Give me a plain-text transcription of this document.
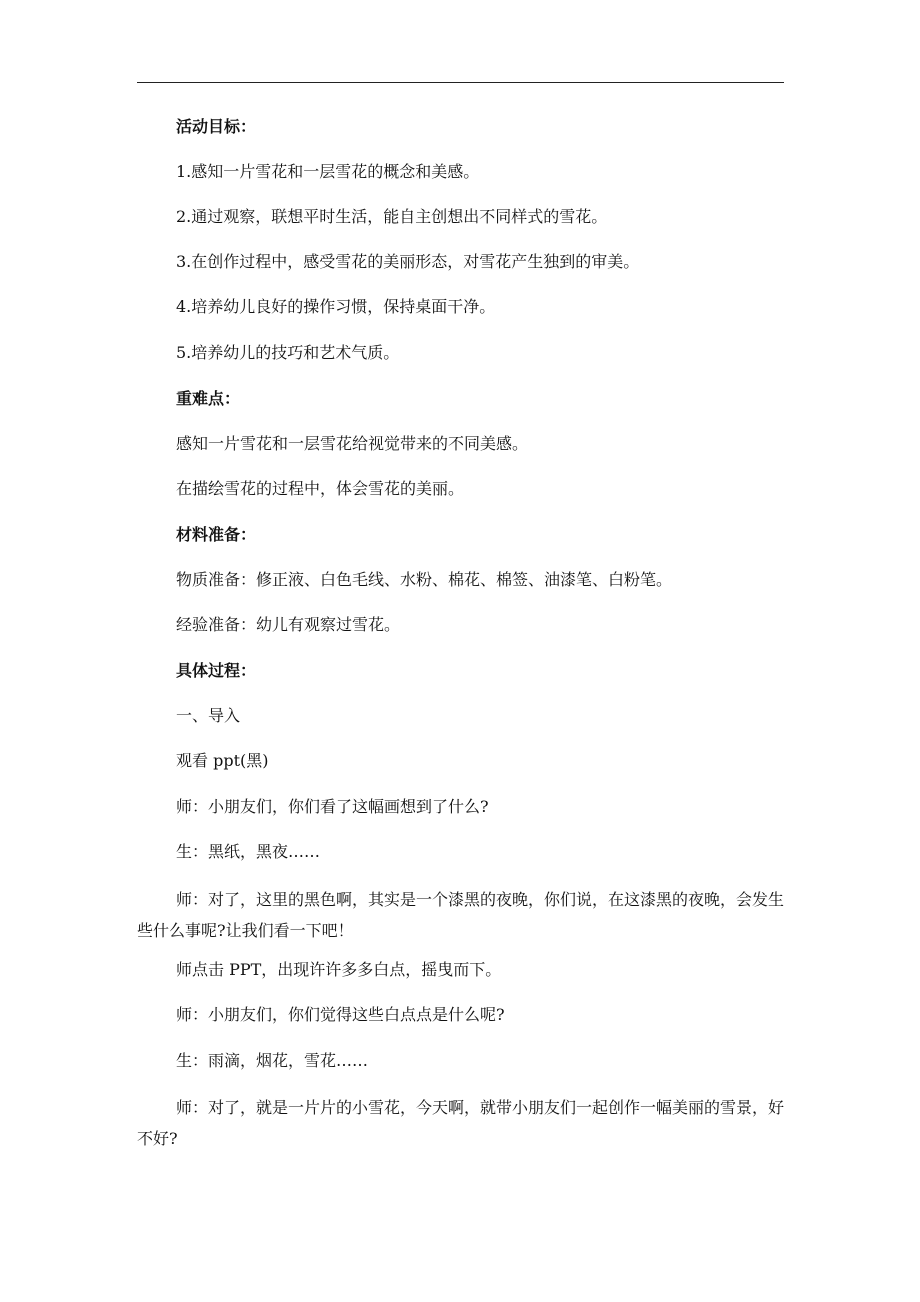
活动目标：

1.感知一片雪花和一层雪花的概念和美感。

2.通过观察，联想平时生活，能自主创想出不同样式的雪花。

3.在创作过程中，感受雪花的美丽形态，对雪花产生独到的审美。

4.培养幼儿良好的操作习惯，保持桌面干净。

5.培养幼儿的技巧和艺术气质。

重难点：

感知一片雪花和一层雪花给视觉带来的不同美感。

在描绘雪花的过程中，体会雪花的美丽。

材料准备：

物质准备：修正液、白色毛线、水粉、棉花、棉签、油漆笔、白粉笔。

经验准备：幼儿有观察过雪花。

具体过程：

一、导入

观看 ppt(黑)

师：小朋友们，你们看了这幅画想到了什么?

生：黑纸，黑夜……

师：对了，这里的黑色啊，其实是一个漆黑的夜晚，你们说，在这漆黑的夜晚，会发生些什么事呢?让我们看一下吧！

师点击 PPT，出现许许多多白点，摇曳而下。

师：小朋友们，你们觉得这些白点点是什么呢?

生：雨滴，烟花，雪花……

师：对了，就是一片片的小雪花，今天啊，就带小朋友们一起创作一幅美丽的雪景，好不好?
